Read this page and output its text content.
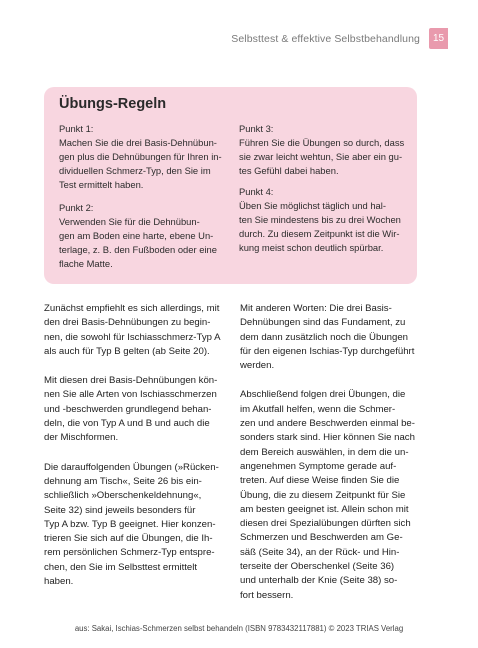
Selbsttest & effektive Selbstbehandlung	15
Übungs-Regeln

Punkt 1:

Machen Sie die drei Basis-Dehnübun-

gen plus die Dehnübungen für Ihren in-

dividuellen Schmerz-Typ, den Sie im

Test ermittelt haben.

Punkt 2:

Verwenden Sie für die Dehnübun-

gen am Boden eine harte, ebene Un-

terlage, z. B. den Fußboden oder eine

flache Matte.

Punkt 3:

Führen Sie die Übungen so durch, dass

sie zwar leicht wehtun, Sie aber ein gu-

tes Gefühl dabei haben.

Punkt 4:

Üben Sie möglichst täglich und hal-

ten Sie mindestens bis zu drei Wochen

durch. Zu diesem Zeitpunkt ist die Wir-

kung meist schon deutlich spürbar.

Zunächst empfiehlt es sich allerdings, mit
den drei Basis-Dehnübungen zu begin-
nen, die sowohl für Ischiasschmerz-Typ A
als auch für Typ B gelten (ab Seite 20).

Mit diesen drei Basis-Dehnübungen kön-
nen Sie alle Arten von Ischiasschmerzen
und -beschwerden grundlegend behan-
deln, die von Typ A und B und auch die
der Mischformen.

Die darauffolgenden Übungen (»Rücken-
dehnung am Tisch«, Seite 26 bis ein-
schließlich »Oberschenkeldehnung«,
Seite 32) sind jeweils besonders für
Typ A bzw. Typ B geeignet. Hier konzen-
trieren Sie sich auf die Übungen, die Ih-
rem persönlichen Schmerz-Typ entspre-
chen, den Sie im Selbsttest ermittelt
haben.

Mit anderen Worten: Die drei Basis-
Dehnübungen sind das Fundament, zu
dem dann zusätzlich noch die Übungen
für den eigenen Ischias-Typ durchgeführt
werden.

Abschließend folgen drei Übungen, die
im Akutfall helfen, wenn die Schmer-
zen und andere Beschwerden einmal be-
sonders stark sind. Hier können Sie nach
dem Bereich auswählen, in dem die un-
angenehmen Symptome gerade auf-
treten. Auf diese Weise finden Sie die
Übung, die zu diesem Zeitpunkt für Sie
am besten geeignet ist. Allein schon mit
diesen drei Spezialübungen dürften sich
Schmerzen und Beschwerden am Ge-
säß (Seite 34), an der Rück- und Hin-
terseite der Oberschenkel (Seite 36)
und unterhalb der Knie (Seite 38) so-
fort bessern.

aus: Sakai, Ischias-Schmerzen selbst behandeln (ISBN 9783432117881) © 2023 TRIAS Verlag
